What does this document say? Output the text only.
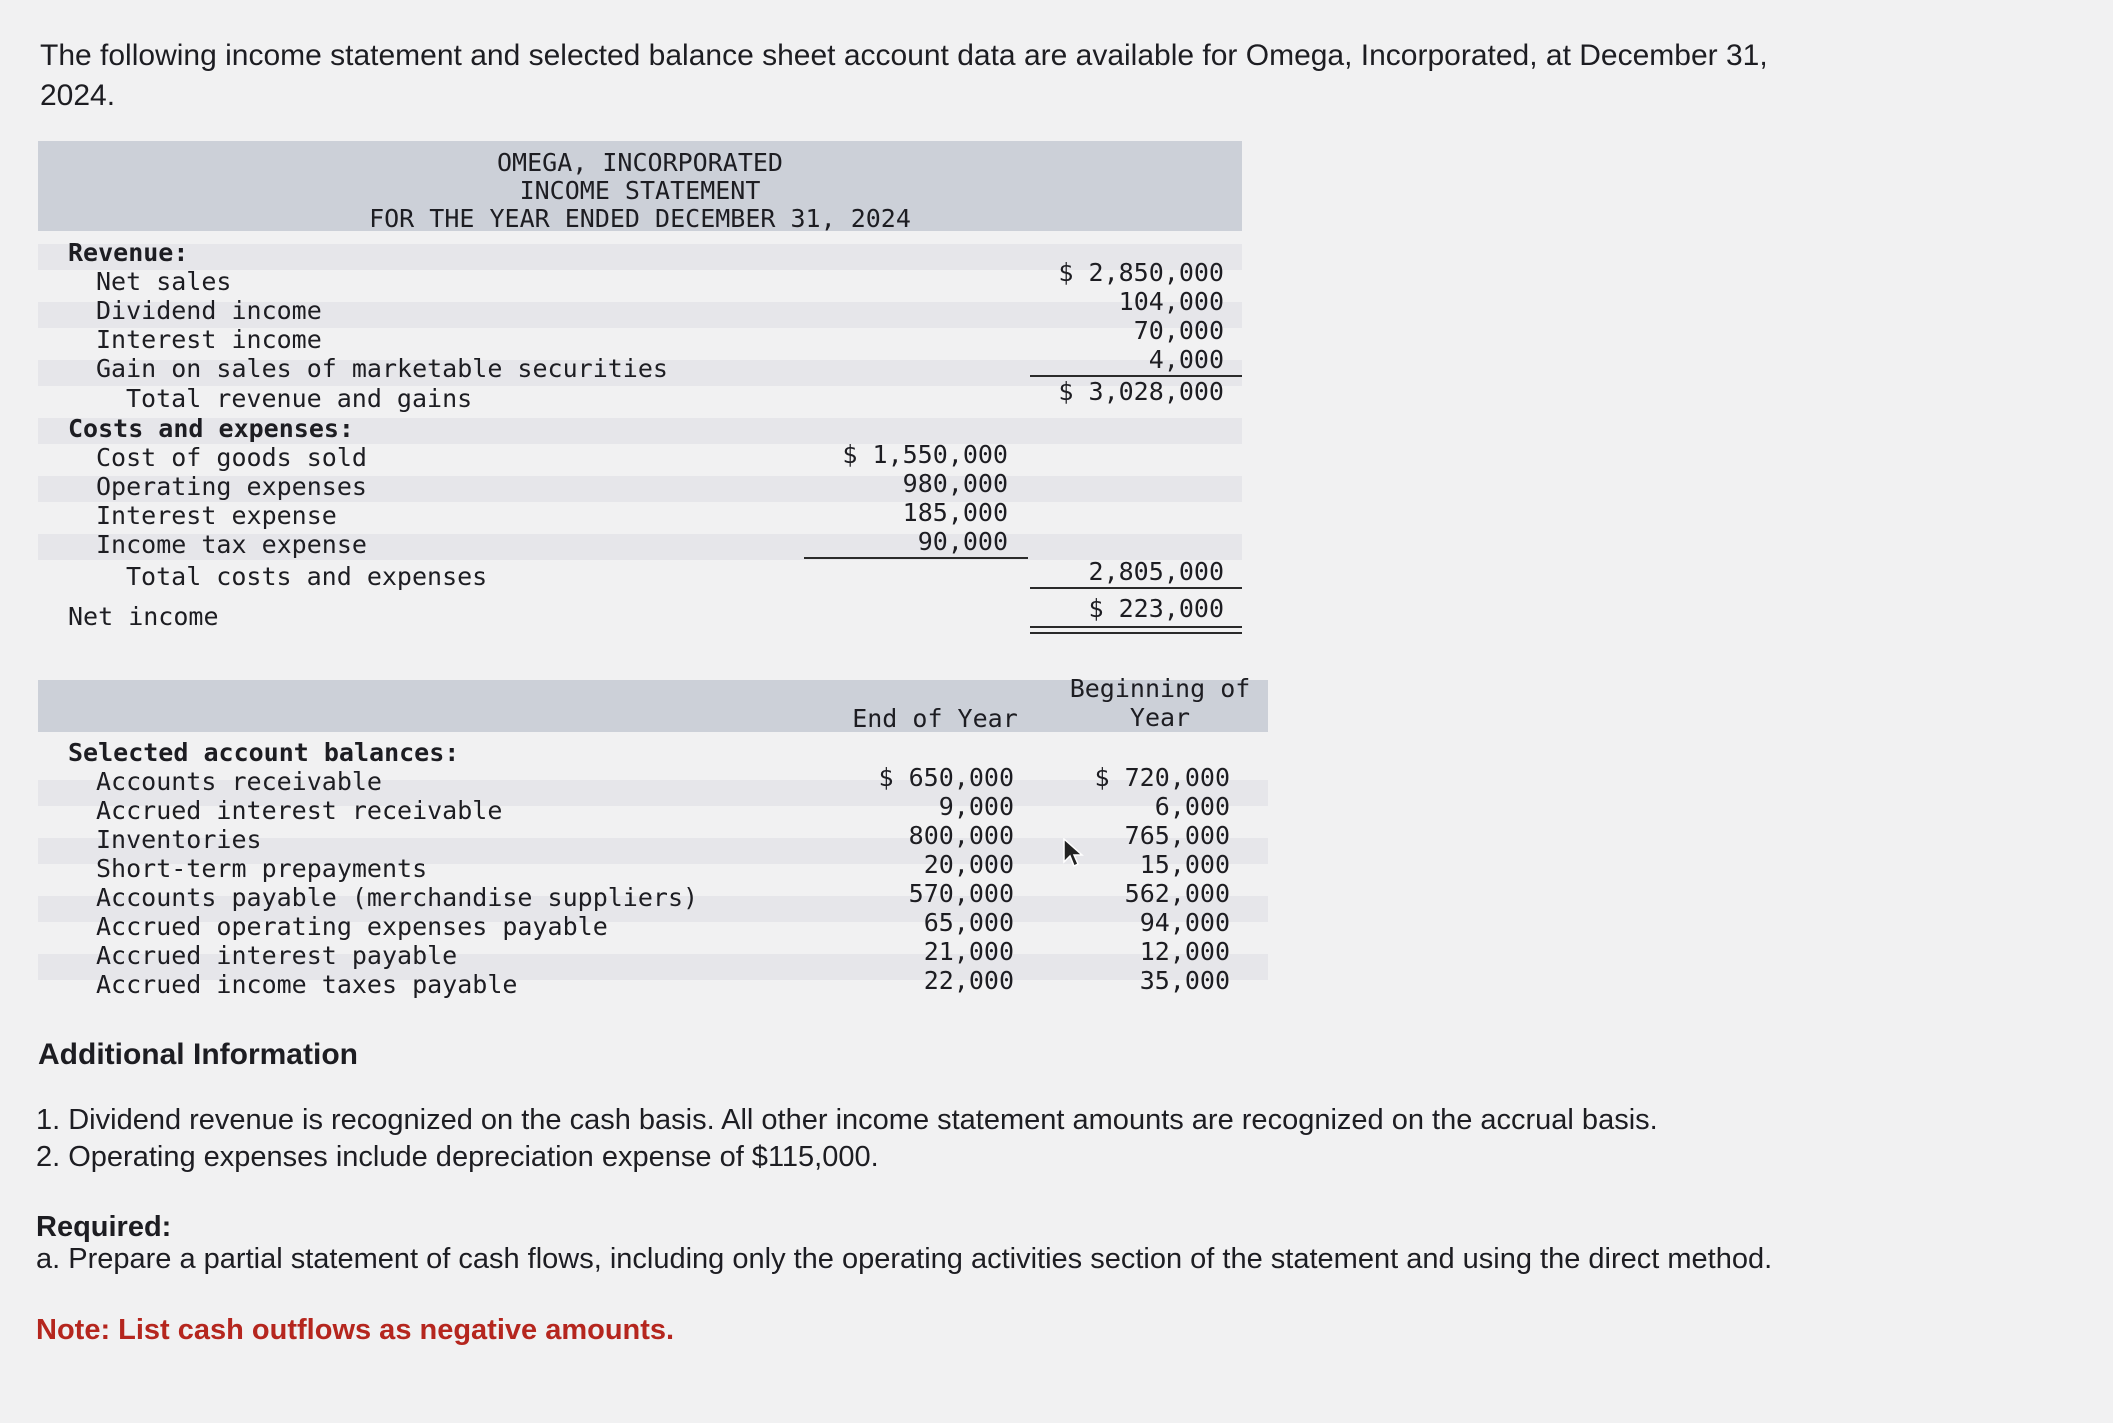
The following income statement and selected balance sheet account data are available for Omega, Incorporated, at December 31, 2024.
OMEGA, INCORPORATED
INCOME STATEMENT
FOR THE YEAR ENDED DECEMBER 31, 2024
Revenue:
Net sales
Dividend income
Interest income
Gain on sales of marketable securities
Total revenue and gains
$ 2,850,000
104,000
70,000
4,000
$ 3,028,000
Costs and expenses:
Cost of goods sold
Operating expenses
Interest expense
Income tax expense
Total costs and expenses
Net income
$ 1,550,000
980,000
185,000
90,000
2,805,000
$ 223,000
End of Year
Beginning of
Year
Selected account balances:
Accounts receivable
Accrued interest receivable
Inventories
Short-term prepayments
Accounts payable (merchandise suppliers)
Accrued operating expenses payable
Accrued interest payable
Accrued income taxes payable
$ 650,000
9,000
800,000
20,000
570,000
65,000
21,000
22,000
$ 720,000
6,000
765,000
15,000
562,000
94,000
12,000
35,000
Additional Information
1. Dividend revenue is recognized on the cash basis. All other income statement amounts are recognized on the accrual basis.
2. Operating expenses include depreciation expense of $115,000.
Required:
a. Prepare a partial statement of cash flows, including only the operating activities section of the statement and using the direct method.
Note: List cash outflows as negative amounts.
